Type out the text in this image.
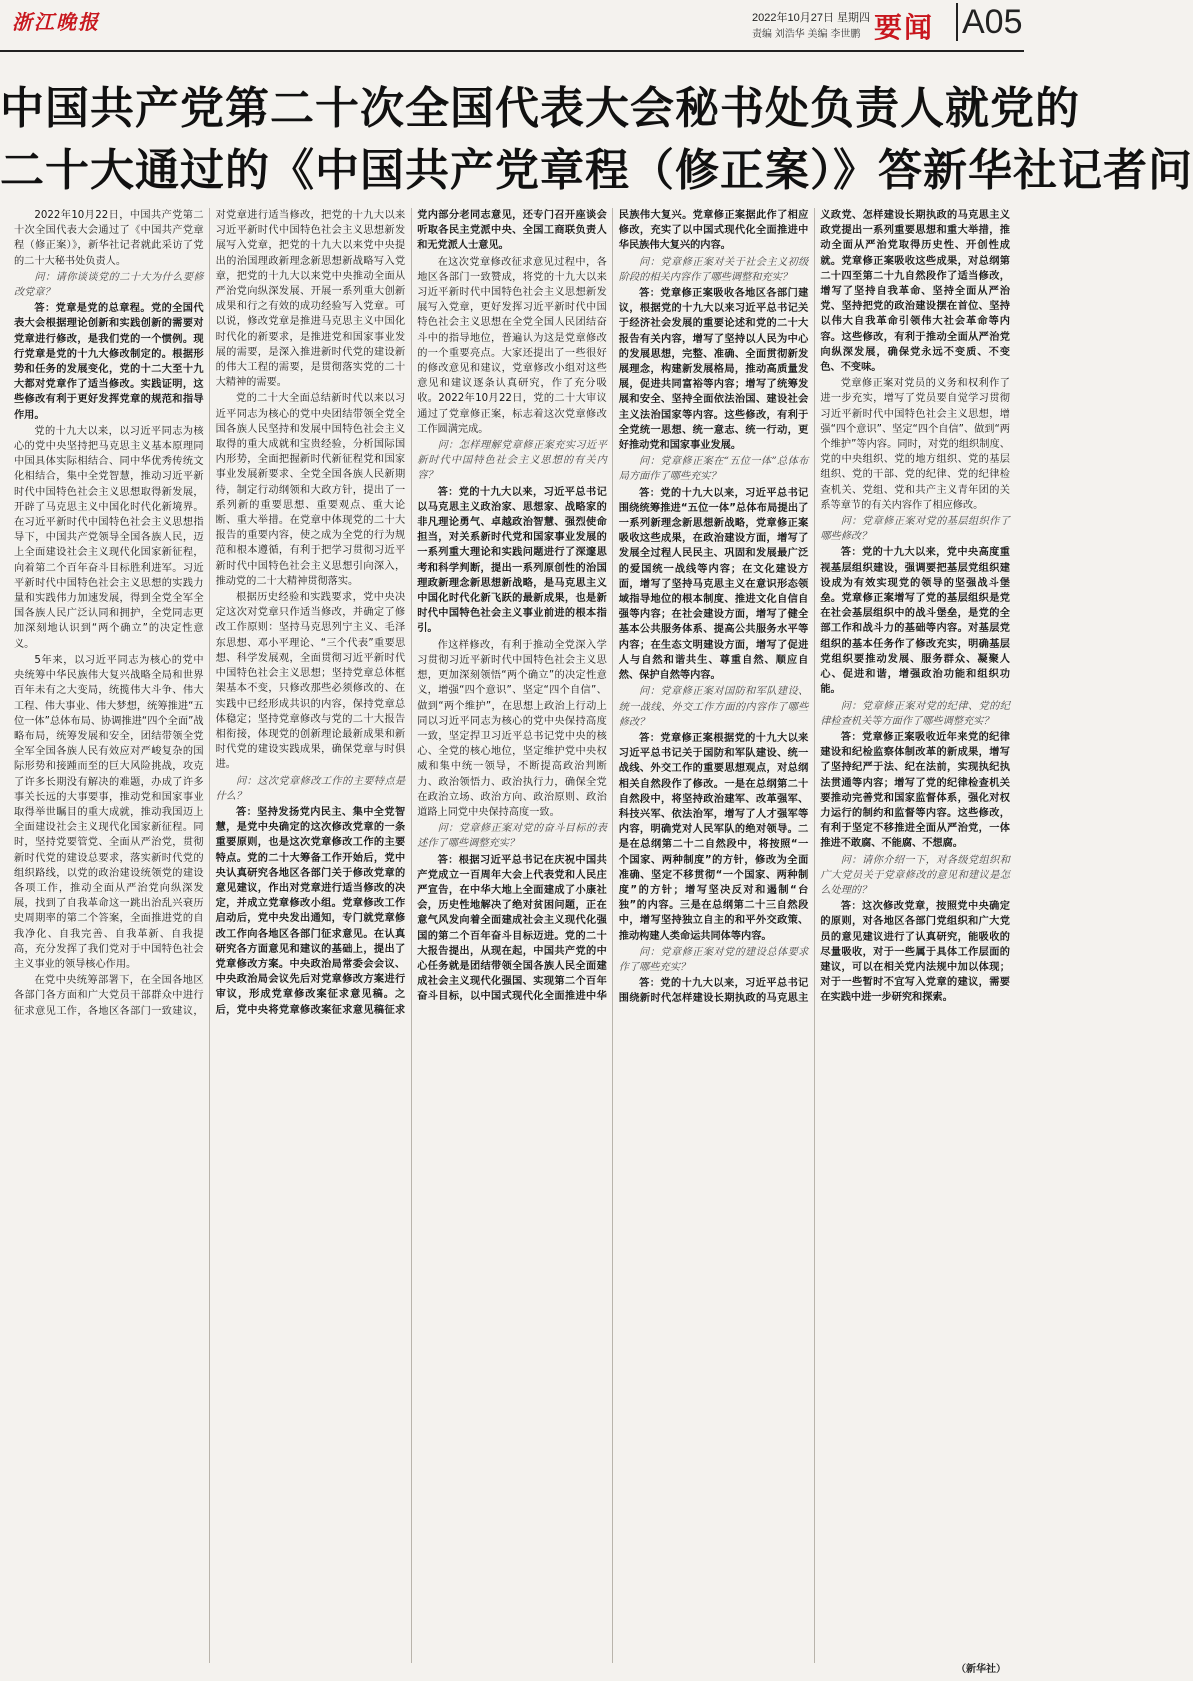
浙江晚报	2022年10月27日 星期四
责编 刘浩华 美编 李世鹏 要闻 A05
中国共产党第二十次全国代表大会秘书处负责人就党的
二十大通过的《中国共产党章程（修正案）》答新华社记者问

2022年10月22日，中国共产党第二十次全国代表大会通过了《中国共产党章程（修正案）》，新华社记者就此采访了党的二十大秘书处负责人。

问：请你谈谈党的二十大为什么要修改党章？

答：党章是党的总章程。党的全国代表大会根据理论创新和实践创新的需要对党章进行修改，是我们党的一个惯例。现行党章是党的十九大修改制定的。根据形势和任务的发展变化，党的十二大至十九大都对党章作了适当修改。实践证明，这些修改有利于更好发挥党章的规范和指导作用。

党的十九大以来，以习近平同志为核心的党中央坚持把马克思主义基本原理同中国具体实际相结合、同中华优秀传统文化相结合，集中全党智慧，推动习近平新时代中国特色社会主义思想取得新发展，开辟了马克思主义中国化时代化新境界。在习近平新时代中国特色社会主义思想指导下，中国共产党领导全国各族人民，迈上全面建设社会主义现代化国家新征程，向着第二个百年奋斗目标胜利进军。习近平新时代中国特色社会主义思想的实践力量和实践伟力加速发展，得到全党全军全国各族人民广泛认同和拥护，全党同志更加深刻地认识到“两个确立”的决定性意义。

5年来，以习近平同志为核心的党中央统筹中华民族伟大复兴战略全局和世界百年未有之大变局，统揽伟大斗争、伟大工程、伟大事业、伟大梦想，统筹推进“五位一体”总体布局、协调推进“四个全面”战略布局，统筹发展和安全，团结带领全党全军全国各族人民有效应对严峻复杂的国际形势和接踵而至的巨大风险挑战，攻克了许多长期没有解决的难题，办成了许多事关长远的大事要事，推动党和国家事业取得举世瞩目的重大成就，推动我国迈上全面建设社会主义现代化国家新征程。同时，坚持党要管党、全面从严治党，贯彻新时代党的建设总要求，落实新时代党的组织路线，以党的政治建设统领党的建设各项工作，推动全面从严治党向纵深发展，找到了自我革命这一跳出治乱兴衰历史周期率的第二个答案，全面推进党的自我净化、自我完善、自我革新、自我提高，充分发挥了我们党对于中国特色社会主义事业的领导核心作用。

在党中央统筹部署下，在全国各地区各部门各方面和广大党员干部群众中进行征求意见工作，各地区各部门一致建议，对党章进行适当修改，把党的十九大以来习近平新时代中国特色社会主义思想新发展写入党章，把党的十九大以来党中央提出的治国理政新理念新思想新战略写入党章，把党的十九大以来党中央推动全面从严治党向纵深发展、开展一系列重大创新成果和行之有效的成功经验写入党章。可以说，修改党章是推进马克思主义中国化时代化的新要求，是推进党和国家事业发展的需要，是深入推进新时代党的建设新的伟大工程的需要，是贯彻落实党的二十大精神的需要。

党的二十大全面总结新时代以来以习近平同志为核心的党中央团结带领全党全国各族人民坚持和发展中国特色社会主义取得的重大成就和宝贵经验，分析国际国内形势，全面把握新时代新征程党和国家事业发展新要求、全党全国各族人民新期待，制定行动纲领和大政方针，提出了一系列新的重要思想、重要观点、重大论断、重大举措。在党章中体现党的二十大报告的重要内容，使之成为全党的行为规范和根本遵循，有利于把学习贯彻习近平新时代中国特色社会主义思想引向深入，推动党的二十大精神贯彻落实。

根据历史经验和实践要求，党中央决定这次对党章只作适当修改，并确定了修改工作原则：坚持马克思列宁主义、毛泽东思想、邓小平理论、“三个代表”重要思想、科学发展观，全面贯彻习近平新时代中国特色社会主义思想；坚持党章总体框架基本不变，只修改那些必须修改的、在实践中已经形成共识的内容，保持党章总体稳定；坚持党章修改与党的二十大报告相衔接，体现党的创新理论最新成果和新时代党的建设实践成果，确保党章与时俱进。

问：这次党章修改工作的主要特点是什么？

答：坚持发扬党内民主、集中全党智慧，是党中央确定的这次修改党章的一条重要原则，也是这次党章修改工作的主要特点。党的二十大筹备工作开始后，党中央认真研究各地区各部门关于修改党章的意见建议，作出对党章进行适当修改的决定，并成立党章修改小组。党章修改工作启动后，党中央发出通知，专门就党章修改工作向各地区各部门征求意见。在认真研究各方面意见和建议的基础上，提出了党章修改方案。中央政治局常委会会议、中央政治局会议先后对党章修改方案进行审议，形成党章修改案征求意见稿。之后，党中央将党章修改案征求意见稿征求党内部分老同志意见，还专门召开座谈会听取各民主党派中央、全国工商联负责人和无党派人士意见。

在这次党章修改征求意见过程中，各地区各部门一致赞成，将党的十九大以来习近平新时代中国特色社会主义思想新发展写入党章，更好发挥习近平新时代中国特色社会主义思想在全党全国人民团结奋斗中的指导地位，普遍认为这是党章修改的一个重要亮点。大家还提出了一些很好的修改意见和建议，党章修改小组对这些意见和建议逐条认真研究，作了充分吸收。2022年10月22日，党的二十大审议通过了党章修正案，标志着这次党章修改工作圆满完成。

问：怎样理解党章修正案充实习近平新时代中国特色社会主义思想的有关内容？

答：党的十九大以来，习近平总书记以马克思主义政治家、思想家、战略家的非凡理论勇气、卓越政治智慧、强烈使命担当，对关系新时代党和国家事业发展的一系列重大理论和实践问题进行了深邃思考和科学判断，提出一系列原创性的治国理政新理念新思想新战略，是马克思主义中国化时代化新飞跃的最新成果，也是新时代中国特色社会主义事业前进的根本指引。

作这样修改，有利于推动全党深入学习贯彻习近平新时代中国特色社会主义思想，更加深刻领悟“两个确立”的决定性意义，增强“四个意识”、坚定“四个自信”、做到“两个维护”，在思想上政治上行动上同以习近平同志为核心的党中央保持高度一致，坚定捍卫习近平总书记党中央的核心、全党的核心地位，坚定维护党中央权威和集中统一领导，不断提高政治判断力、政治领悟力、政治执行力，确保全党在政治立场、政治方向、政治原则、政治道路上同党中央保持高度一致。

问：党章修正案对党的奋斗目标的表述作了哪些调整充实？

答：根据习近平总书记在庆祝中国共产党成立一百周年大会上代表党和人民庄严宣告，在中华大地上全面建成了小康社会，历史性地解决了绝对贫困问题，正在意气风发向着全面建成社会主义现代化强国的第二个百年奋斗目标迈进。党的二十大报告提出，从现在起，中国共产党的中心任务就是团结带领全国各族人民全面建成社会主义现代化强国、实现第二个百年奋斗目标，以中国式现代化全面推进中华民族伟大复兴。党章修正案据此作了相应修改，充实了以中国式现代化全面推进中华民族伟大复兴的内容。

问：党章修正案对关于社会主义初级阶段的相关内容作了哪些调整和充实？

答：党章修正案吸收各地区各部门建议，根据党的十九大以来习近平总书记关于经济社会发展的重要论述和党的二十大报告有关内容，增写了坚持以人民为中心的发展思想，完整、准确、全面贯彻新发展理念，构建新发展格局，推动高质量发展，促进共同富裕等内容；增写了统筹发展和安全、坚持全面依法治国、建设社会主义法治国家等内容。这些修改，有利于全党统一思想、统一意志、统一行动，更好推动党和国家事业发展。

问：党章修正案在“五位一体”总体布局方面作了哪些充实？

答：党的十九大以来，习近平总书记围绕统筹推进“五位一体”总体布局提出了一系列新理念新思想新战略，党章修正案吸收这些成果，在政治建设方面，增写了发展全过程人民民主、巩固和发展最广泛的爱国统一战线等内容；在文化建设方面，增写了坚持马克思主义在意识形态领域指导地位的根本制度、推进文化自信自强等内容；在社会建设方面，增写了健全基本公共服务体系、提高公共服务水平等内容；在生态文明建设方面，增写了促进人与自然和谐共生、尊重自然、顺应自然、保护自然等内容。

问：党章修正案对国防和军队建设、统一战线、外交工作方面的内容作了哪些修改？

答：党章修正案根据党的十九大以来习近平总书记关于国防和军队建设、统一战线、外交工作的重要思想观点，对总纲相关自然段作了修改。一是在总纲第二十自然段中，将坚持政治建军、改革强军、科技兴军、依法治军，增写了人才强军等内容，明确党对人民军队的绝对领导。二是在总纲第二十二自然段中，将按照“一个国家、两种制度”的方针，修改为全面准确、坚定不移贯彻“一个国家、两种制度”的方针；增写坚决反对和遏制“台独”的内容。三是在总纲第二十三自然段中，增写坚持独立自主的和平外交政策、推动构建人类命运共同体等内容。

问：党章修正案对党的建设总体要求作了哪些充实？

答：党的十九大以来，习近平总书记围绕新时代怎样建设长期执政的马克思主义政党、怎样建设长期执政的马克思主义政党提出一系列重要思想和重大举措，推动全面从严治党取得历史性、开创性成就。党章修正案吸收这些成果，对总纲第二十四至第二十九自然段作了适当修改，增写了坚持自我革命、坚持全面从严治党、坚持把党的政治建设摆在首位、坚持以伟大自我革命引领伟大社会革命等内容。这些修改，有利于推动全面从严治党向纵深发展，确保党永远不变质、不变色、不变味。

党章修正案对党员的义务和权利作了进一步充实，增写了党员要自觉学习贯彻习近平新时代中国特色社会主义思想，增强“四个意识”、坚定“四个自信”、做到“两个维护”等内容。同时，对党的组织制度、党的中央组织、党的地方组织、党的基层组织、党的干部、党的纪律、党的纪律检查机关、党组、党和共产主义青年团的关系等章节的有关内容作了相应修改。

问：党章修正案对党的基层组织作了哪些修改？

答：党的十九大以来，党中央高度重视基层组织建设，强调要把基层党组织建设成为有效实现党的领导的坚强战斗堡垒。党章修正案增写了党的基层组织是党在社会基层组织中的战斗堡垒，是党的全部工作和战斗力的基础等内容。对基层党组织的基本任务作了修改充实，明确基层党组织要推动发展、服务群众、凝聚人心、促进和谐，增强政治功能和组织功能。

问：党章修正案对党的纪律、党的纪律检查机关等方面作了哪些调整充实？

答：党章修正案吸收近年来党的纪律建设和纪检监察体制改革的新成果，增写了坚持纪严于法、纪在法前，实现执纪执法贯通等内容；增写了党的纪律检查机关要推动完善党和国家监督体系，强化对权力运行的制约和监督等内容。这些修改，有利于坚定不移推进全面从严治党，一体推进不敢腐、不能腐、不想腐。

问：请你介绍一下，对各级党组织和广大党员关于党章修改的意见和建议是怎么处理的？

答：这次修改党章，按照党中央确定的原则，对各地区各部门党组织和广大党员的意见建议进行了认真研究，能吸收的尽量吸收，对于一些属于具体工作层面的建议，可以在相关党内法规中加以体现；对于一些暂时不宜写入党章的建议，需要在实践中进一步研究和探索。

（新华社）
